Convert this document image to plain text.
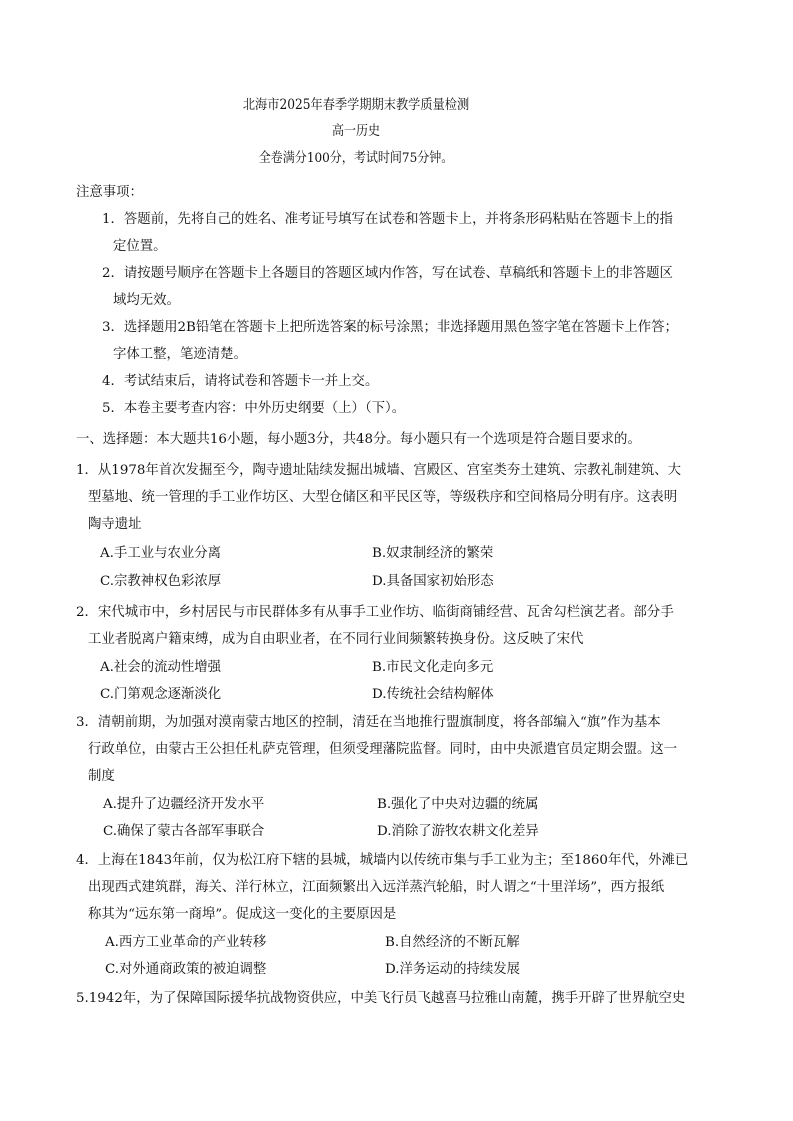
北海市2025年春季学期期末教学质量检测
高一历史
全卷满分100分，考试时间75分钟。
注意事项：
1．答题前，先将自己的姓名、准考证号填写在试卷和答题卡上，并将条形码粘贴在答题卡上的指
定位置。
2．请按题号顺序在答题卡上各题目的答题区域内作答，写在试卷、草稿纸和答题卡上的非答题区
域均无效。
3．选择题用2B铅笔在答题卡上把所选答案的标号涂黑；非选择题用黑色签字笔在答题卡上作答；
字体工整，笔迹清楚。
4．考试结束后，请将试卷和答题卡一并上交。
5．本卷主要考查内容：中外历史纲要（上）（下）。
一、选择题：本大题共16小题，每小题3分，共48分。每小题只有一个选项是符合题目要求的。
1．从1978年首次发掘至今，陶寺遗址陆续发掘出城墙、宫殿区、宫室类夯土建筑、宗教礼制建筑、大
型墓地、统一管理的手工业作坊区、大型仓储区和平民区等，等级秩序和空间格局分明有序。这表明
陶寺遗址
A.手工业与农业分离	B.奴隶制经济的繁荣
C.宗教神权色彩浓厚	D.具备国家初始形态
2．宋代城市中，乡村居民与市民群体多有从事手工业作坊、临街商铺经营、瓦舍勾栏演艺者。部分手
工业者脱离户籍束缚，成为自由职业者，在不同行业间频繁转换身份。这反映了宋代
A.社会的流动性增强	B.市民文化走向多元
C.门第观念逐渐淡化	D.传统社会结构解体
3．清朝前期，为加强对漠南蒙古地区的控制，清廷在当地推行盟旗制度，将各部编入“旗”作为基本
行政单位，由蒙古王公担任札萨克管理，但须受理藩院监督。同时，由中央派遣官员定期会盟。这一
制度
A.提升了边疆经济开发水平	B.强化了中央对边疆的统属
C.确保了蒙古各部军事联合	D.消除了游牧农耕文化差异
4．上海在1843年前，仅为松江府下辖的县城，城墙内以传统市集与手工业为主；至1860年代，外滩已
出现西式建筑群，海关、洋行林立，江面频繁出入远洋蒸汽轮船，时人谓之“十里洋场”，西方报纸
称其为“远东第一商埠”。促成这一变化的主要原因是
A.西方工业革命的产业转移	B.自然经济的不断瓦解
C.对外通商政策的被迫调整	D.洋务运动的持续发展
5.1942年，为了保障国际援华抗战物资供应，中美飞行员飞越喜马拉雅山南麓，携手开辟了世界航空史
